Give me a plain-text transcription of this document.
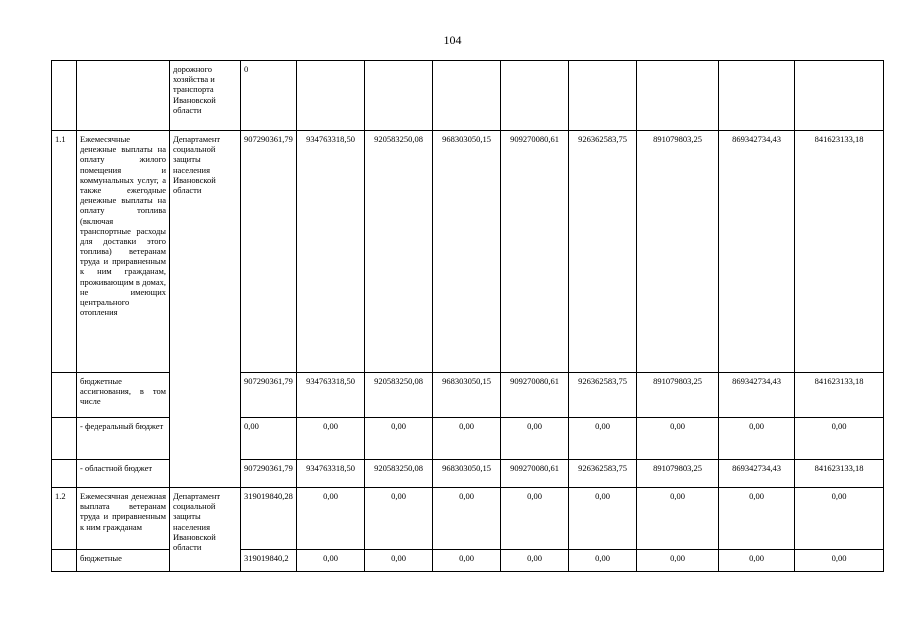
104

		дорожного хозяйства и транспорта Ивановской области	0								

1.1	Ежемесячные денежные выплаты на оплату жилого помещения и коммунальных услуг, а также ежегодные денежные выплаты на оплату топлива (включая транспортные расходы для доставки этого топлива) ветеранам труда и приравненным к ним гражданам, проживающим в домах, не имеющих центрального отопления	Департамент социальной защиты населения Ивановской области	907290361,79	934763318,50	920583250,08	968303050,15	909270080,61	926362583,75	891079803,25	869342734,43	841623133,18

	бюджетные ассигнования, в том числе		907290361,79	934763318,50	920583250,08	968303050,15	909270080,61	926362583,75	891079803,25	869342734,43	841623133,18

	- федеральный бюджет		0,00	0,00	0,00	0,00	0,00	0,00	0,00	0,00	0,00

	- областной бюджет		907290361,79	934763318,50	920583250,08	968303050,15	909270080,61	926362583,75	891079803,25	869342734,43	841623133,18

1.2	Ежемесячная денежная выплата ветеранам труда и приравненным к ним гражданам	Департамент социальной защиты населения Ивановской области	319019840,28	0,00	0,00	0,00	0,00	0,00	0,00	0,00	0,00

	бюджетные		319019840,2	0,00	0,00	0,00	0,00	0,00	0,00	0,00	0,00
